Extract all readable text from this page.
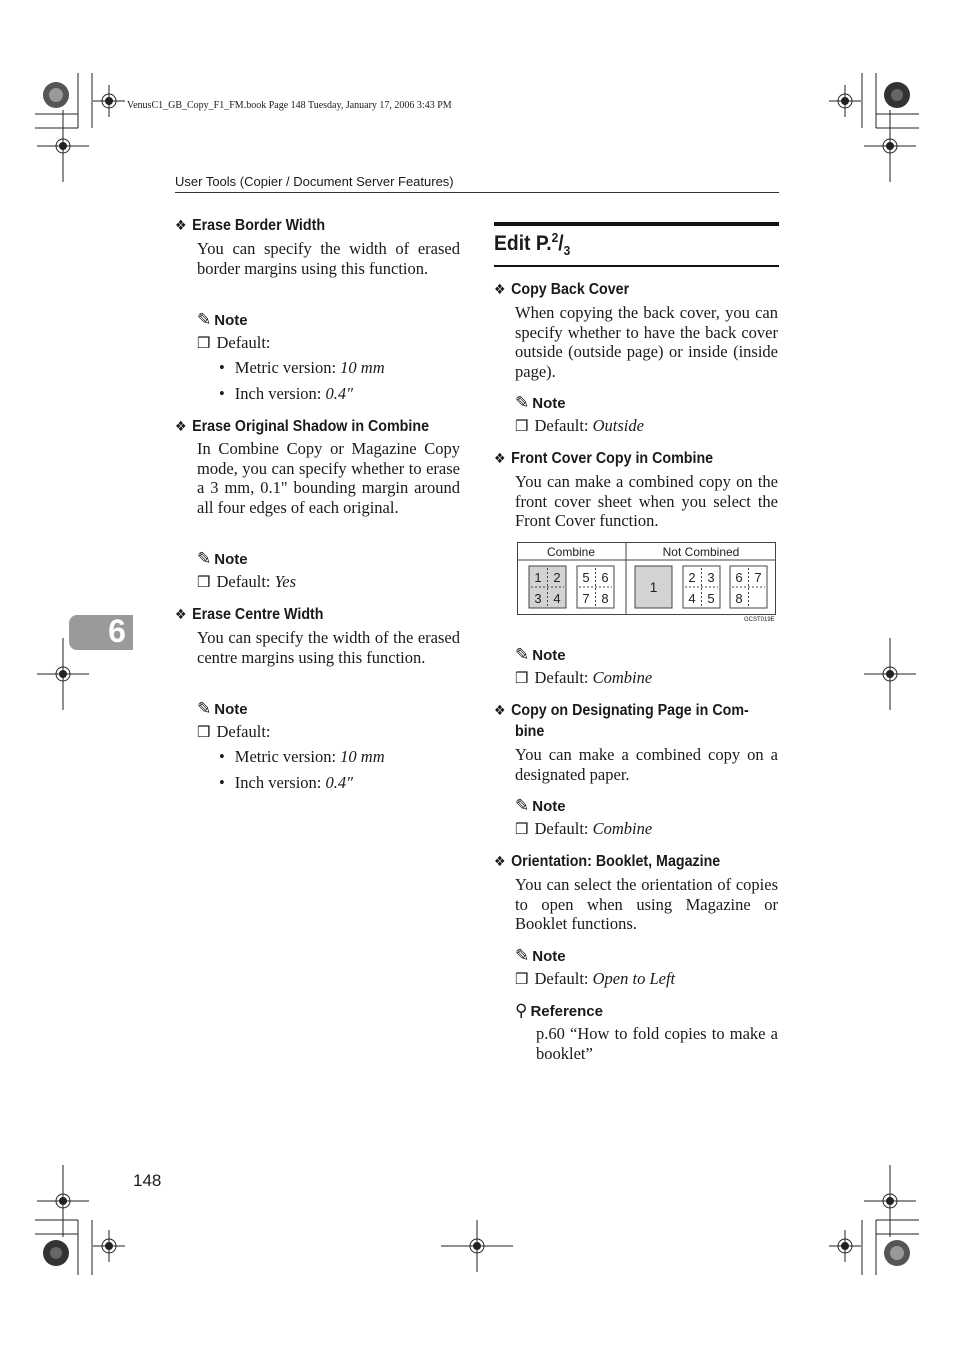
VenusC1_GB_Copy_F1_FM.book Page 148 Tuesday, January 17, 2006 3:43 PM
User Tools (Copier / Document Server Features)
6
148
❖ Erase Border Width
You can specify the width of erased border margins using this function.
✎ Note
❒ Default:
• Metric version: 10 mm
• Inch version: 0.4″
❖ Erase Original Shadow in Combine
In Combine Copy or Magazine Copy mode, you can specify whether to erase a 3 mm, 0.1" bounding margin around all four edges of each original.
✎ Note
❒ Default: Yes
❖ Erase Centre Width
You can specify the width of the erased centre margins using this function.
✎ Note
❒ Default:
• Metric version: 10 mm
• Inch version: 0.4″
Edit $P.^2/_3$
❖ Copy Back Cover
When copying the back cover, you can specify whether to have the back cover outside (outside page) or inside (inside page).
✎ Note
❒ Default: Outside
❖ Front Cover Copy in Combine
You can make a combined copy on the front cover sheet when you select the Front Cover function.
Combine	Not Combined
1 2
3 4
5 6
7 8
1
2 3
4 5
6 7
8
GCST019E
✎ Note
❒ Default: Combine
❖ Copy on Designating Page in Com-
bine
You can make a combined copy on a designated paper.
✎ Note
❒ Default: Combine
❖ Orientation: Booklet, Magazine
You can select the orientation of copies to open when using Magazine or Booklet functions.
✎ Note
❒ Default: Open to Left
⚲ Reference
p.60 “How to fold copies to make a booklet”
